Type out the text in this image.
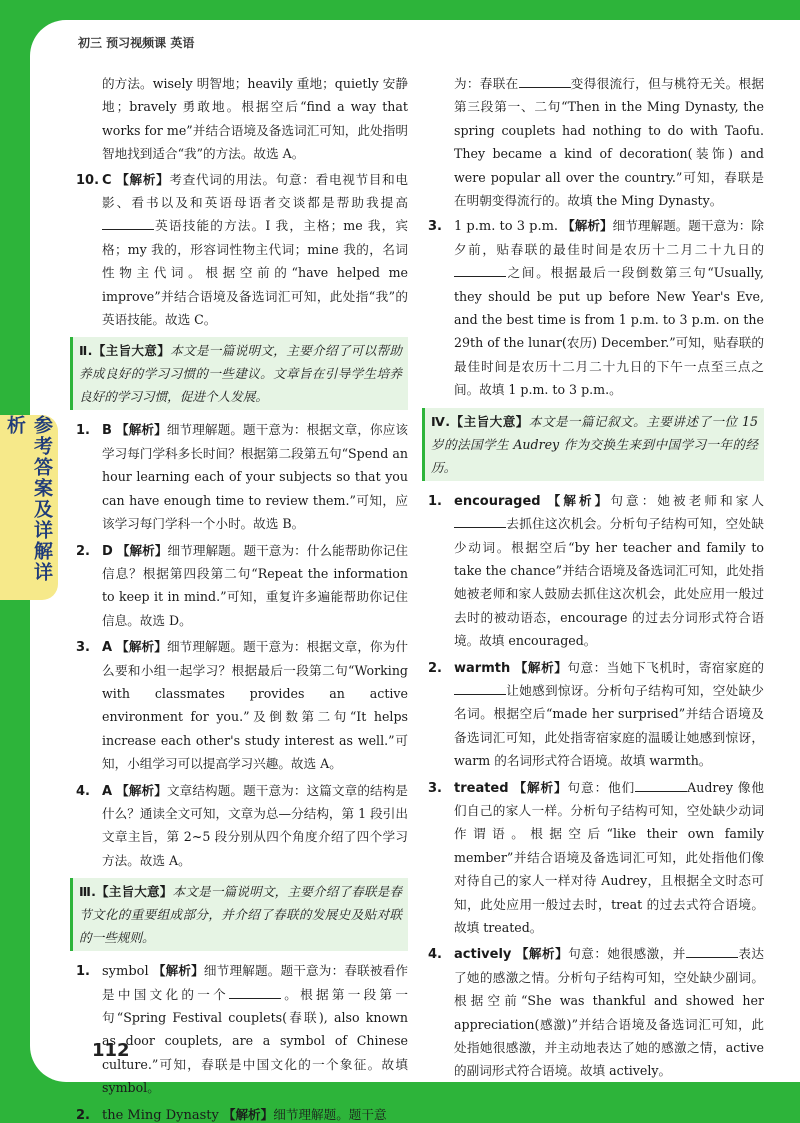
初三 预习视频课 英语
参考答案及详解详析
的方法。wisely 明智地；heavily 重地；quietly 安静地；bravely 勇敢地。根据空后“find a way that works for me”并结合语境及备选词汇可知，此处指明智地找到适合“我”的方法。故选 A。
10. C 【解析】考查代词的用法。句意：看电视节目和电影、看书以及和英语母语者交谈都是帮助我提高英语技能的方法。I 我，主格；me 我，宾格；my 我的，形容词性物主代词；mine 我的，名词性物主代词。根据空前的“have helped me improve”并结合语境及备选词汇可知，此处指“我”的英语技能。故选 C。
Ⅱ.【主旨大意】本文是一篇说明文，主要介绍了可以帮助养成良好的学习习惯的一些建议。文章旨在引导学生培养良好的学习习惯，促进个人发展。
1. B 【解析】细节理解题。题干意为：根据文章，你应该学习每门学科多长时间？根据第二段第五句“Spend an hour learning each of your subjects so that you can have enough time to review them.”可知，应该学习每门学科一个小时。故选 B。
2. D 【解析】细节理解题。题干意为：什么能帮助你记住信息？根据第四段第二句“Repeat the information to keep it in mind.”可知，重复许多遍能帮助你记住信息。故选 D。
3. A 【解析】细节理解题。题干意为：根据文章，你为什么要和小组一起学习？根据最后一段第二句“Working with classmates provides an active environment for you.”及倒数第二句“It helps increase each other's study interest as well.”可知，小组学习可以提高学习兴趣。故选 A。
4. A 【解析】文章结构题。题干意为：这篇文章的结构是什么？通读全文可知，文章为总—分结构，第 1 段引出文章主旨，第 2~5 段分别从四个角度介绍了四个学习方法。故选 A。
Ⅲ.【主旨大意】本文是一篇说明文，主要介绍了春联是春节文化的重要组成部分，并介绍了春联的发展史及贴对联的一些规则。
1. symbol 【解析】细节理解题。题干意为：春联被看作是中国文化的一个	。根据第一段第一句“Spring Festival couplets(春联), also known as door couplets, are a symbol of Chinese culture.”可知，春联是中国文化的一个象征。故填 symbol。
2. the Ming Dynasty 【解析】细节理解题。题干意
为：春联在	变得很流行，但与桃符无关。根据第三段第一、二句“Then in the Ming Dynasty, the spring couplets had nothing to do with Taofu. They became a kind of decoration(装饰) and were popular all over the country.”可知，春联是在明朝变得流行的。故填 the Ming Dynasty。
3. 1 p.m. to 3 p.m. 【解析】细节理解题。题干意为：除夕前，贴春联的最佳时间是农历十二月二十九日的之间。根据最后一段倒数第三句“Usually, they should be put up before New Year's Eve, and the best time is from 1 p.m. to 3 p.m. on the 29th of the lunar(农历) December.”可知，贴春联的最佳时间是农历十二月二十九日的下午一点至三点之间。故填 1 p.m. to 3 p.m.。
Ⅳ.【主旨大意】本文是一篇记叙文。主要讲述了一位 15 岁的法国学生 Audrey 作为交换生来到中国学习一年的经历。
1. encouraged 【解析】句意：她被老师和家人去抓住这次机会。分析句子结构可知，空处缺少动词。根据空后“by her teacher and family to take the chance”并结合语境及备选词汇可知，此处指她被老师和家人鼓励去抓住这次机会，此处应用一般过去时的被动语态，encourage 的过去分词形式符合语境。故填 encouraged。
2. warmth 【解析】句意：当她下飞机时，寄宿家庭的让她感到惊讶。分析句子结构可知，空处缺少名词。根据空后“made her surprised”并结合语境及备选词汇可知，此处指寄宿家庭的温暖让她感到惊讶，warm 的名词形式符合语境。故填 warmth。
3. treated 【解析】句意：他们	Audrey 像他们自己的家人一样。分析句子结构可知，空处缺少动词作谓语。根据空后“like their own family member”并结合语境及备选词汇可知，此处指他们像对待自己的家人一样对待 Audrey，且根据全文时态可知，此处应用一般过去时，treat 的过去式符合语境。故填 treated。
4. actively 【解析】句意：她很感激，并	表达了她的感激之情。分析句子结构可知，空处缺少副词。根据空前“She was thankful and showed her appreciation(感激)”并结合语境及备选词汇可知，此处指她很感激，并主动地表达了她的感激之情，active 的副词形式符合语境。故填 actively。
112
